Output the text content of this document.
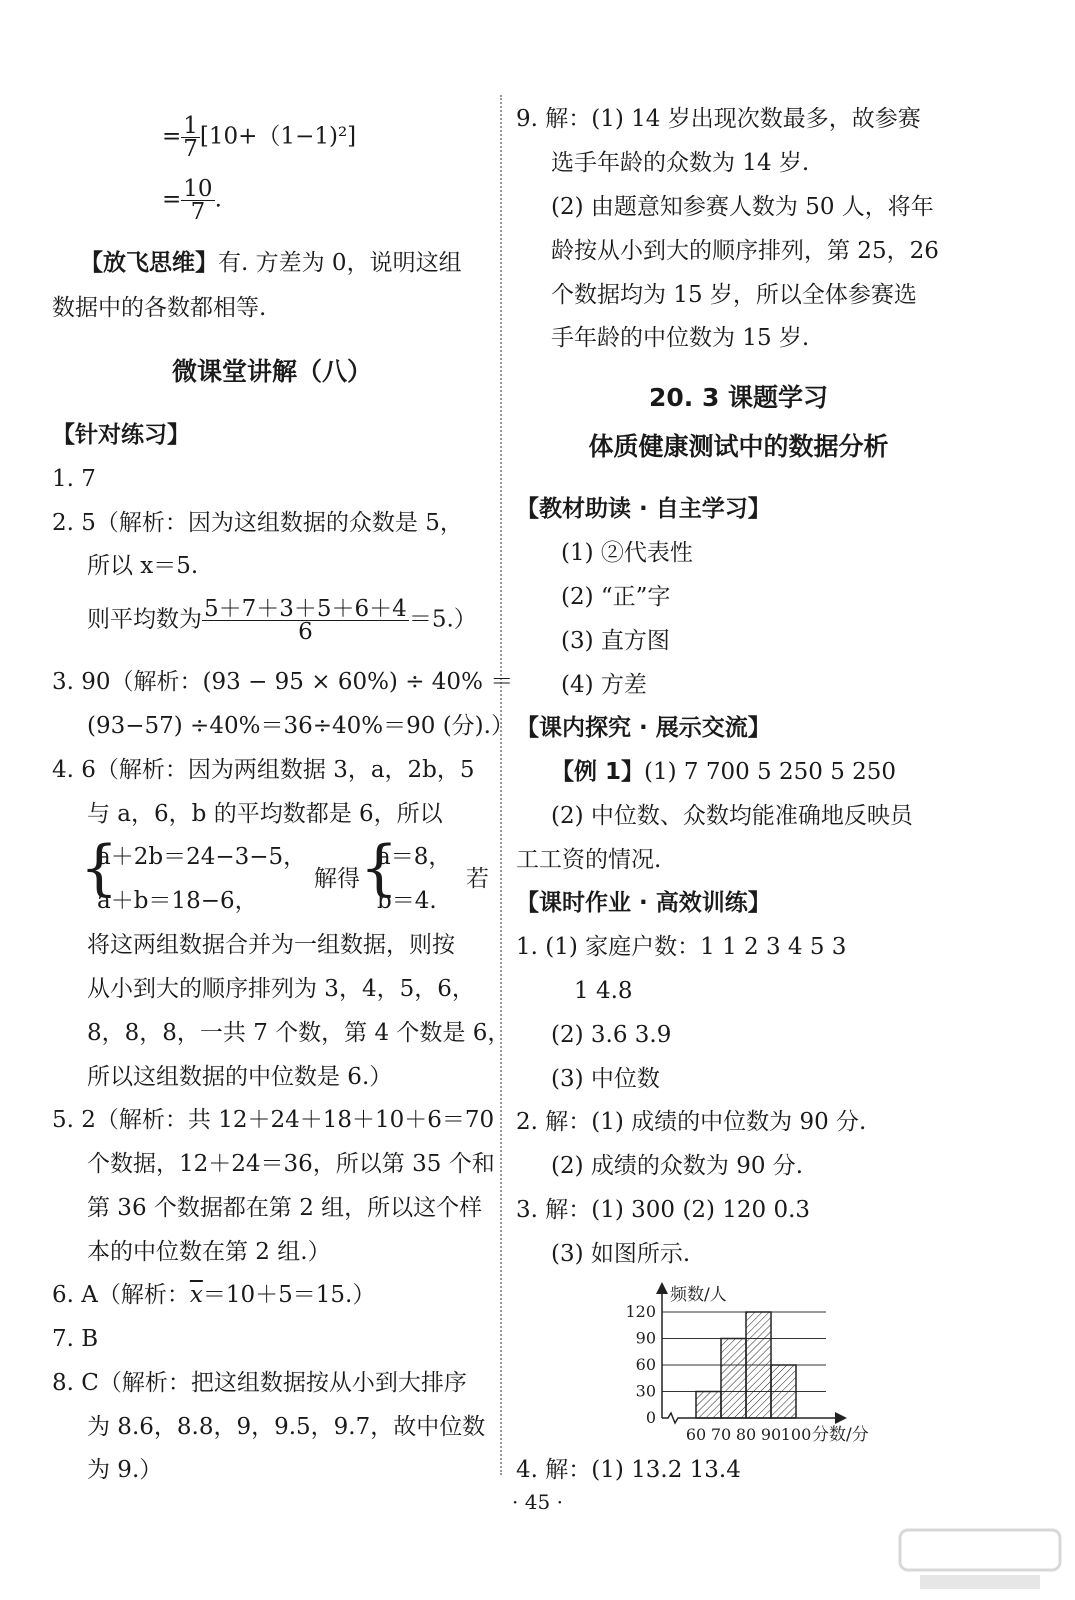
= $\frac{1}{7} [10+(1-1)^2]$
= $\frac{10}{7}$ .
【放飞思维】有. 方差为 0，说明这组
数据中的各数都相等.
微课堂讲解（八）
【针对练习】
1. 7
2. 5（解析：因为这组数据的众数是 5，
所以 x＝5.
则平均数为 $\frac{5+7+3+5+6+4}{6} =5$.）
3. 90（解析：(93 − 95 × 60%) ÷ 40% ＝
(93−57) ÷40%＝36÷40%＝90 (分).）
4. 6（解析：因为两组数据 3，a，2b，5
与 a，6，b 的平均数都是 6，所以
{
a＋2b＝24−3−5，
a＋b＝18−6，
解得 {
a＝8，
b＝4.
若
将这两组数据合并为一组数据，则按
从小到大的顺序排列为 3，4，5，6，
8，8，8，一共 7 个数，第 4 个数是 6，
所以这组数据的中位数是 6.）
5. 2（解析：共 12＋24＋18＋10＋6＝70
个数据，12＋24＝36，所以第 35 个和
第 36 个数据都在第 2 组，所以这个样
本的中位数在第 2 组.）
6. A（解析：$\overline{x}=10+5=15$.）
7. B
8. C（解析：把这组数据按从小到大排序
为 8.6，8.8，9，9.5，9.7，故中位数
为 9.）
9. 解：(1) 14 岁出现次数最多，故参赛
选手年龄的众数为 14 岁.
(2) 由题意知参赛人数为 50 人，将年
龄按从小到大的顺序排列，第 25，26
个数据均为 15 岁，所以全体参赛选
手年龄的中位数为 15 岁.
20. 3 课题学习
体质健康测试中的数据分析
【教材助读 · 自主学习】
(1) ②代表性
(2) “正”字
(3) 直方图
(4) 方差
【课内探究 · 展示交流】
【例 1】(1) 7 700 5 250 5 250
(2) 中位数、众数均能准确地反映员
工工资的情况.
【课时作业 · 高效训练】
1. (1) 家庭户数：1 1 2 3 4 5 3
1 4.8
(2) 3.6 3.9
(3) 中位数
2. 解：(1) 成绩的中位数为 90 分.
(2) 成绩的众数为 90 分.
3. 解：(1) 300 (2) 120 0.3
(3) 如图所示.
4. 解：(1) 13.2 13.4
0
30
60
90
120
60 70 80 90 100
频数/人
分数/分
· 45 ·
